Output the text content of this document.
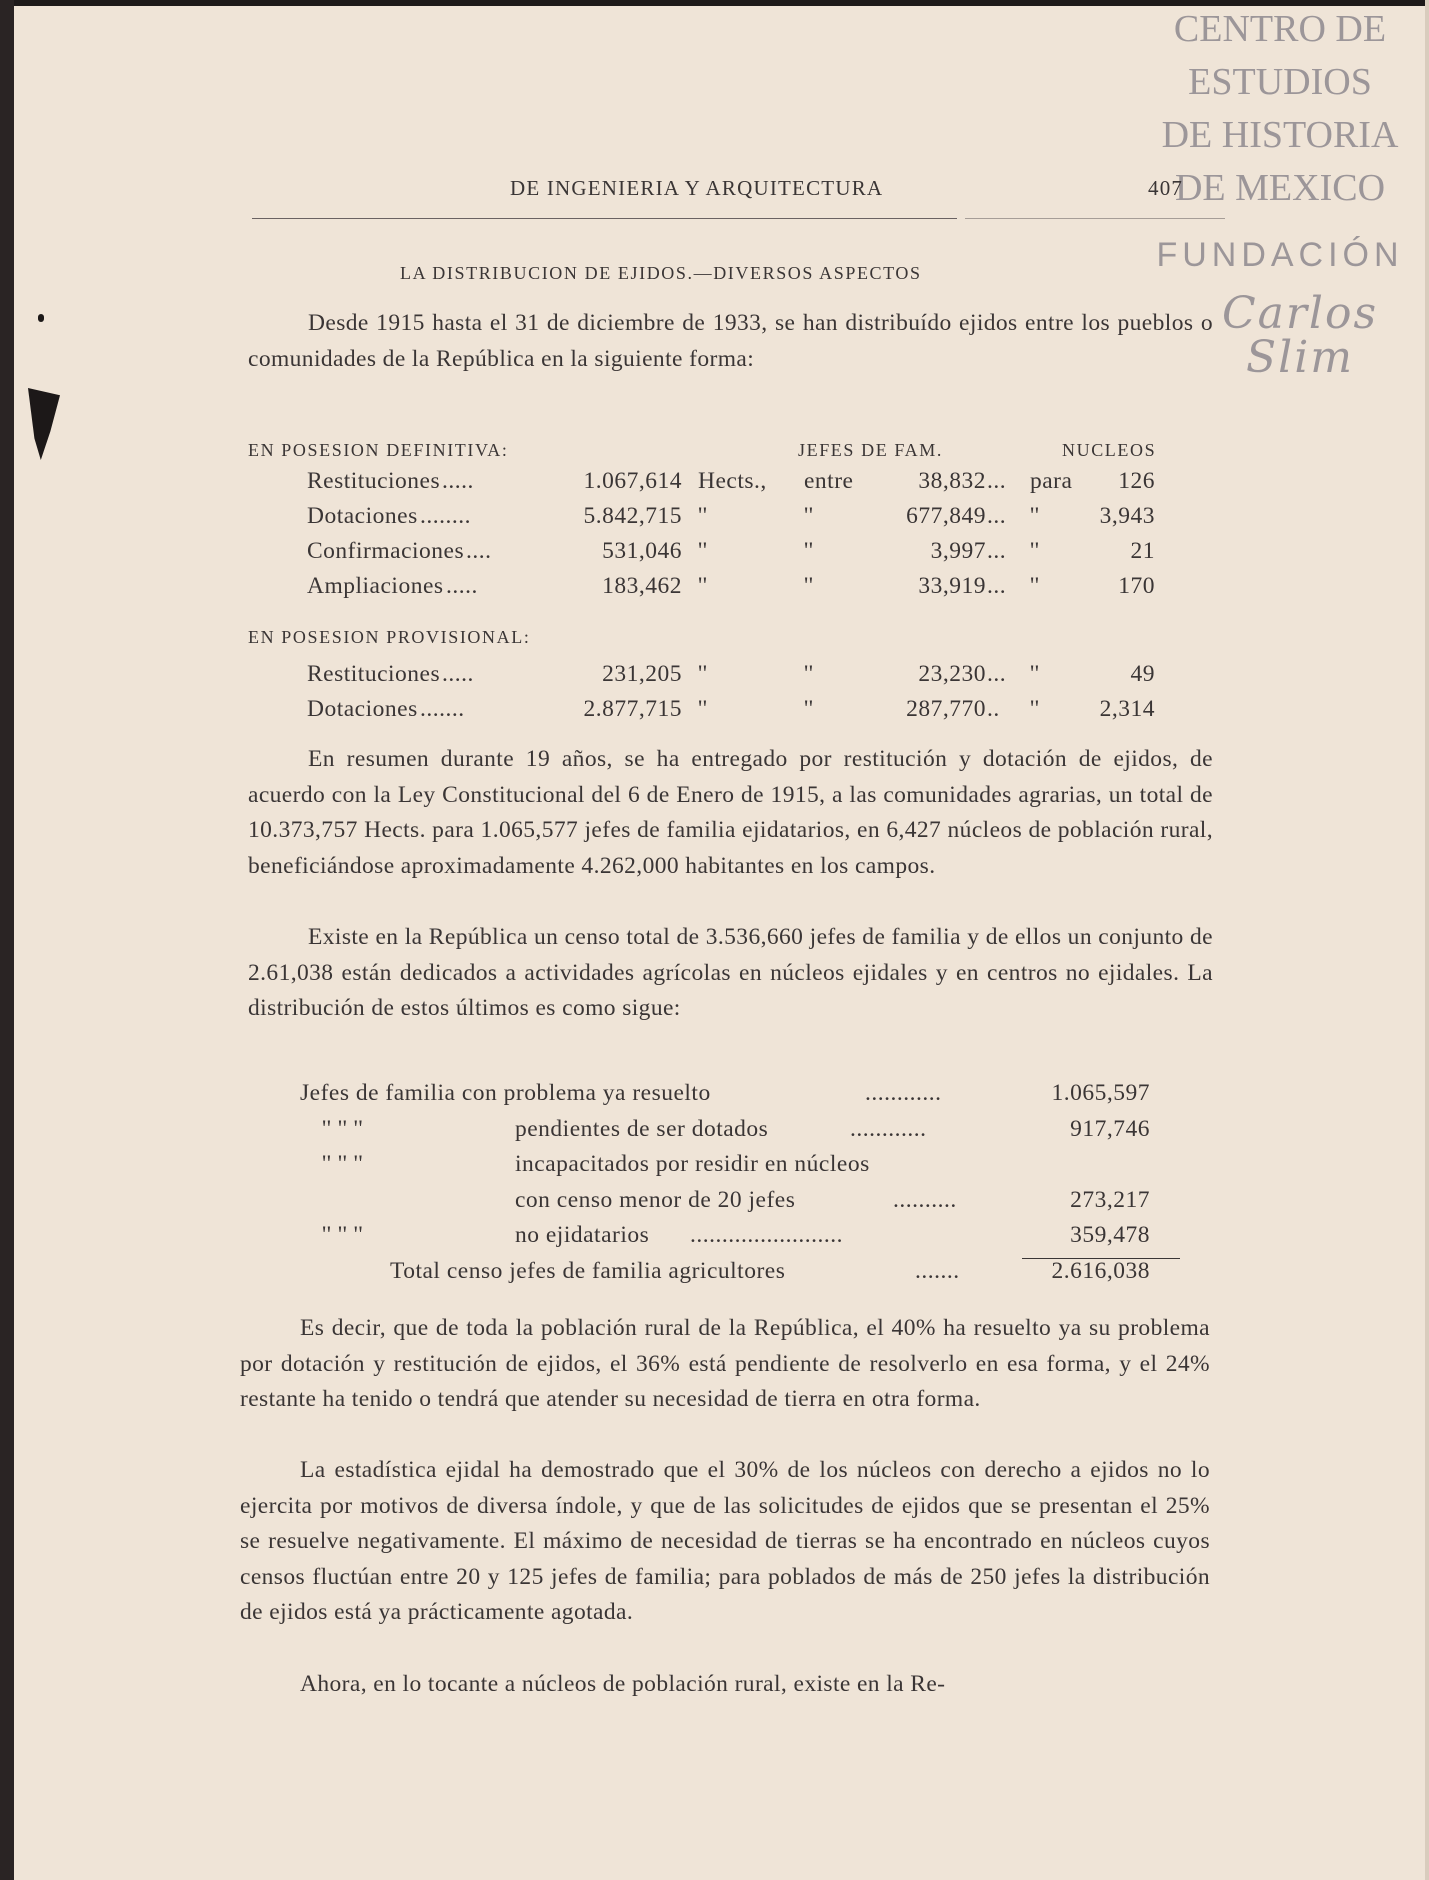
CENTRO DE
ESTUDIOS
DE HISTORIA
DE MEXICO
FUNDACIÓN
Carlos Slim
DE INGENIERIA Y ARQUITECTURA	407
LA DISTRIBUCION DE EJIDOS.—DIVERSOS ASPECTOS
Desde 1915 hasta el 31 de diciembre de 1933, se han distribuído ejidos entre los pueblos o comunidades de la República en la siguiente forma:
EN POSESION DEFINITIVA:	JEFES DE FAM.	NUCLEOS
EN POSESION PROVISIONAL:
Restituciones .....	1.067,614 Hects., entre	38,832 ... para	126
Dotaciones ........	5.842,715 ''	''	677,849 ... ''	3,943
Confirmaciones ....	531,046 ''	''	3,997 ... ''	21
Ampliaciones .....	183,462 ''	''	33,919 ... ''	170
Restituciones .....	231,205 ''	''	23,230 ... ''	49
Dotaciones .......	2.877,715 ''	''	287,770 .. ''	2,314
En resumen durante 19 años, se ha entregado por restitución y dotación de ejidos, de acuerdo con la Ley Constitucional del 6 de Enero de 1915, a las comunidades agrarias, un total de 10.373,757 Hects. para 1.065,577 jefes de familia ejidatarios, en 6,427 núcleos de población rural, beneficiándose aproximadamente 4.262,000 habitantes en los campos.
Existe en la República un censo total de 3.536,660 jefes de familia y de ellos un conjunto de 2.61,038 están dedicados a actividades agrícolas en núcleos ejidales y en centros no ejidales. La distribución de estos últimos es como sigue:
Jefes de familia con problema ya resuelto	............	1.065,597
'' '' ''	pendientes de ser dotados	............	917,746
'' '' ''	incapacitados por residir en núcleos
con censo menor de 20 jefes	..........	273,217
'' '' ''	no ejidatarios ........................	359,478
Total censo jefes de familia agricultores	.......	2.616,038
Es decir, que de toda la población rural de la República, el 40% ha resuelto ya su problema por dotación y restitución de ejidos, el 36% está pendiente de resolverlo en esa forma, y el 24% restante ha tenido o tendrá que atender su necesidad de tierra en otra forma.
La estadística ejidal ha demostrado que el 30% de los núcleos con derecho a ejidos no lo ejercita por motivos de diversa índole, y que de las solicitudes de ejidos que se presentan el 25% se resuelve negativamente. El máximo de necesidad de tierras se ha encontrado en núcleos cuyos censos fluctúan entre 20 y 125 jefes de familia; para poblados de más de 250 jefes la distribución de ejidos está ya prácticamente agotada.
Ahora, en lo tocante a núcleos de población rural, existe en la Re-
